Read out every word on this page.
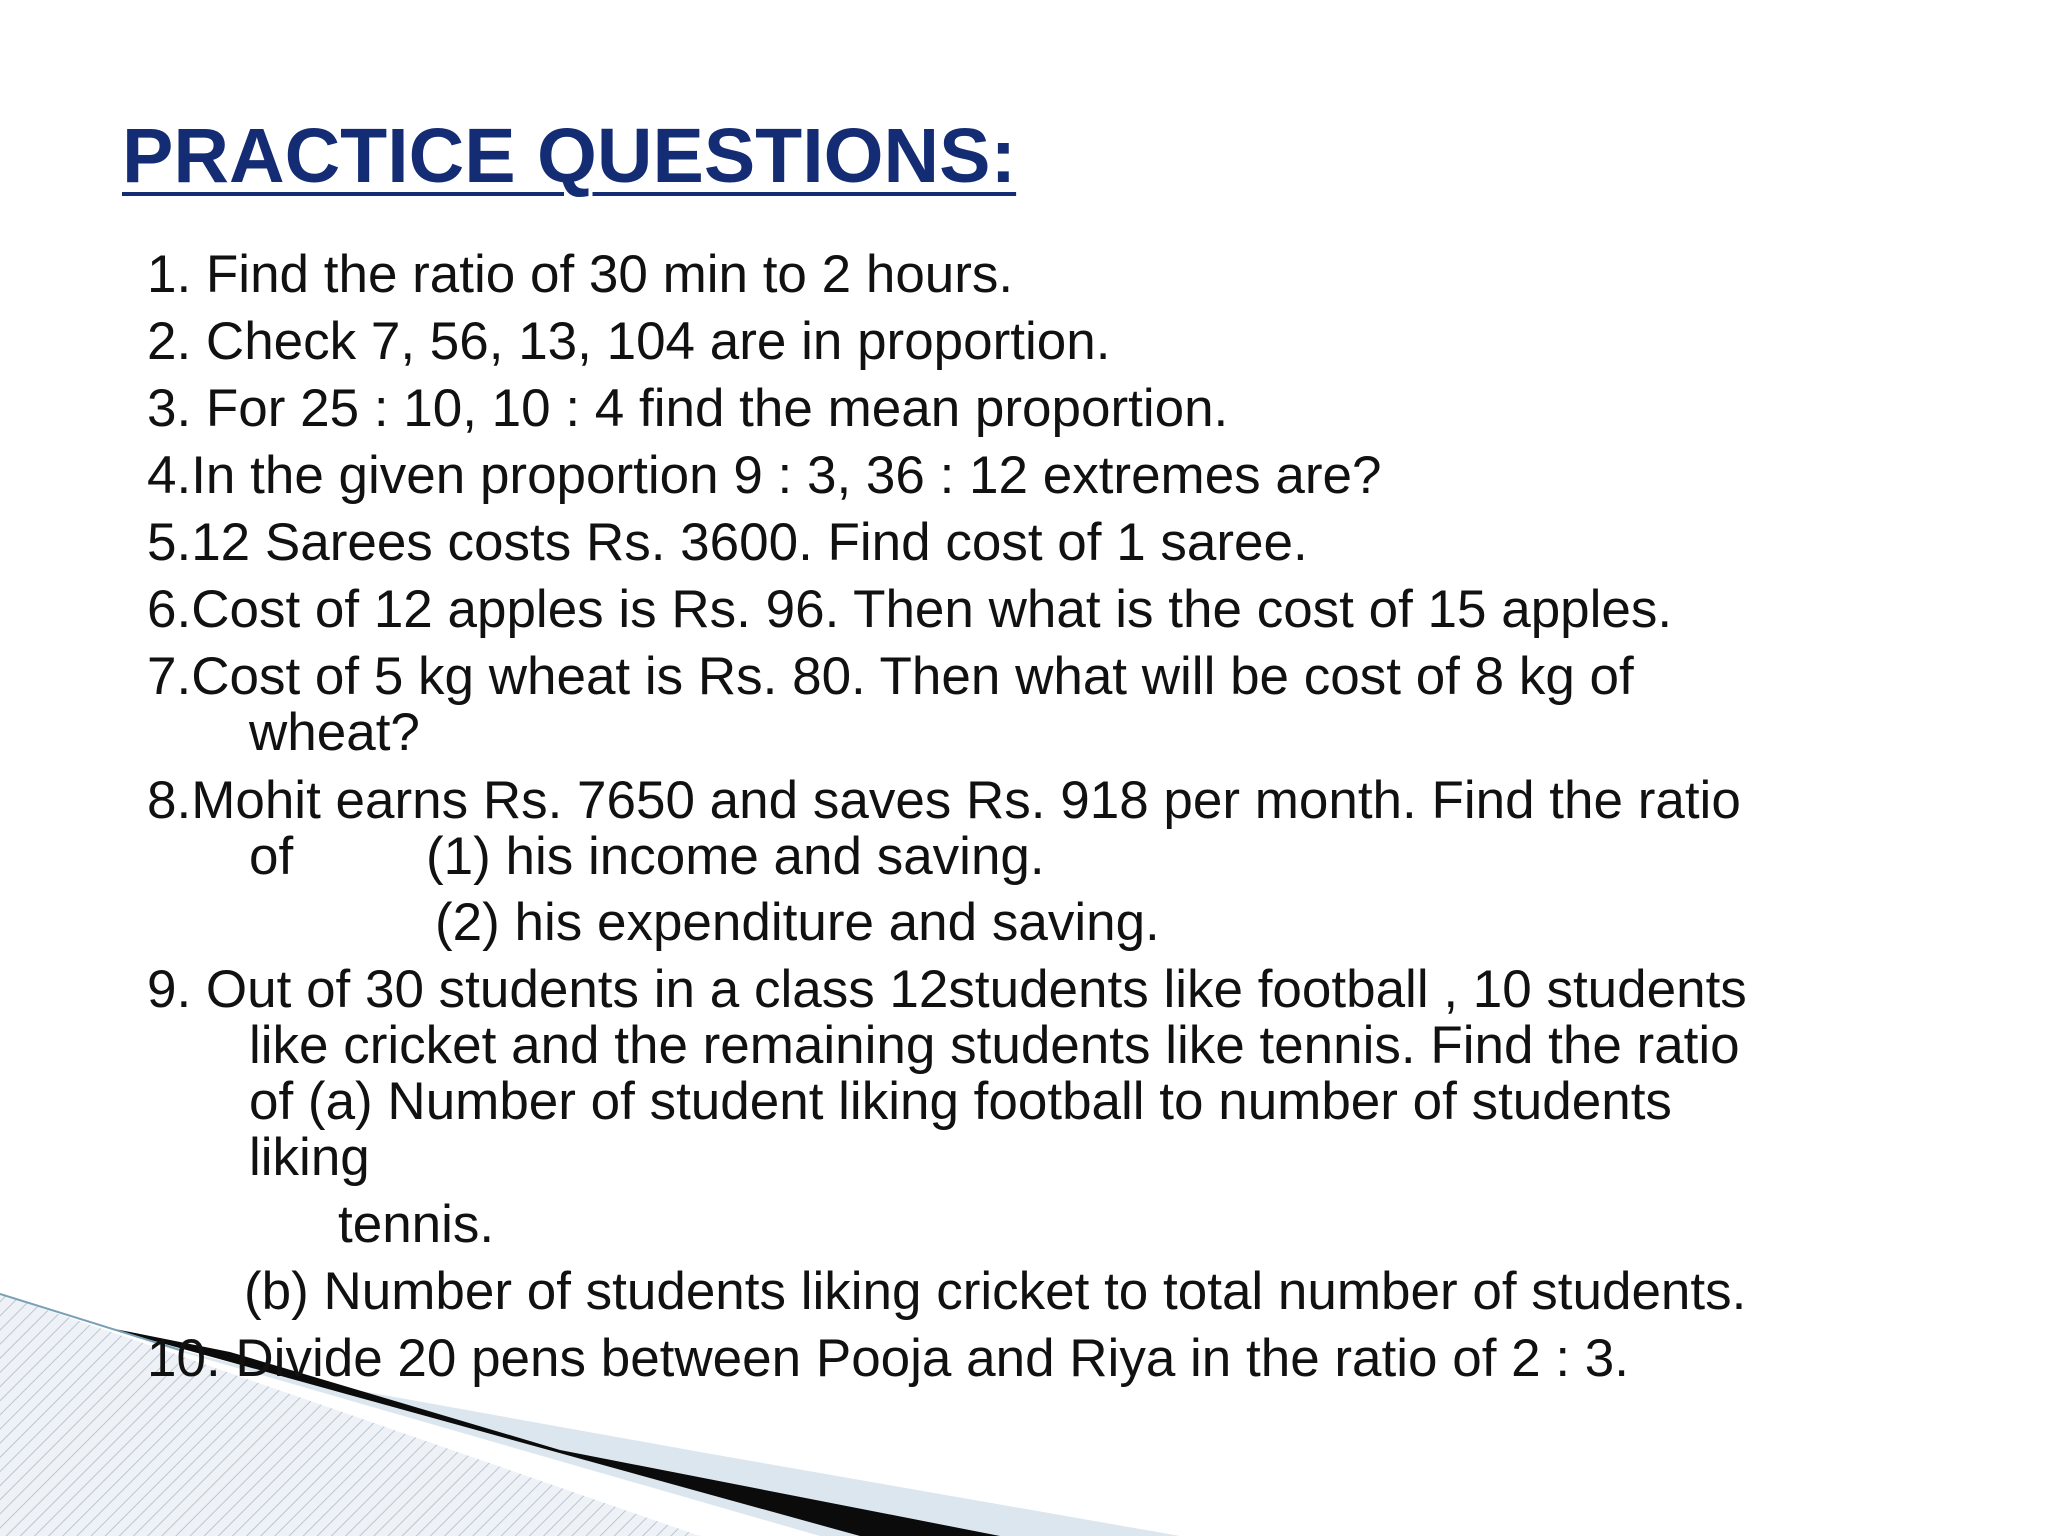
PRACTICE QUESTIONS:
1. Find the ratio of 30 min to 2 hours.
2. Check 7, 56, 13, 104 are in proportion.
3. For 25 : 10, 10 : 4 find the mean proportion.
4.In the given proportion 9 : 3, 36 : 12 extremes are?
5.12 Sarees costs Rs. 3600. Find cost of 1 saree.
6.Cost of 12 apples is Rs. 96. Then what is the cost of 15 apples.
7.Cost of 5 kg wheat is Rs. 80. Then what will be cost of 8 kg of
wheat?
8.Mohit earns Rs. 7650 and saves Rs. 918 per month. Find the ratio
of	(1) his income and saving.
(2) his expenditure and saving.
9. Out of 30 students in a class 12students like football , 10 students
like cricket and the remaining students like tennis. Find the ratio
of (a) Number of student liking football to number of students
liking
tennis.
(b) Number of students liking cricket to total number of students.
10. Divide 20 pens between Pooja and Riya in the ratio of 2 : 3.
